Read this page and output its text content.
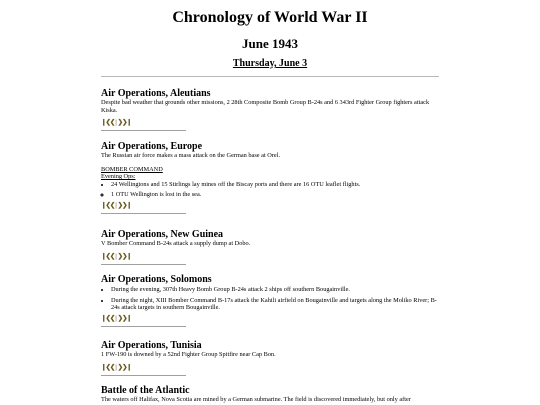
Chronology of World War II
June 1943
Thursday, June 3
Air Operations, Aleutians

Despite bad weather that grounds other missions, 2 28th Composite Bomb Group B-24s and 6 343rd Fighter Group fighters attack Kiska.

❙❮❮|❯❯❙
Air Operations, Europe

The Russian air force makes a mass attack on the German base at Orel.

BOMBER COMMAND
Evening Ops:
• 24 Wellingtons and 15 Stirlings lay mines off the Biscay ports and there are 16 OTU leaflet flights.
◦ 1 OTU Wellington is lost in the sea.
❙❮❮|❯❯❙
Air Operations, New Guinea

V Bomber Command B-24s attack a supply dump at Dobo.

❙❮❮|❯❯❙
Air Operations, Solomons
• During the evening, 307th Heavy Bomb Group B-24s attack 2 ships off southern Bougainville.
• During the night, XIII Bomber Command B-17s attack the Kahili airfield on Bougainville and targets along the Moliko River; B-24s attack targets in southern Bougainville.
❙❮❮|❯❯❙
Air Operations, Tunisia

1 FW-190 is downed by a 52nd Fighter Group Spitfire near Cap Bon.

❙❮❮|❯❯❙
Battle of the Atlantic

The waters off Halifax, Nova Scotia are mined by a German submarine. The field is discovered immediately, but only after
